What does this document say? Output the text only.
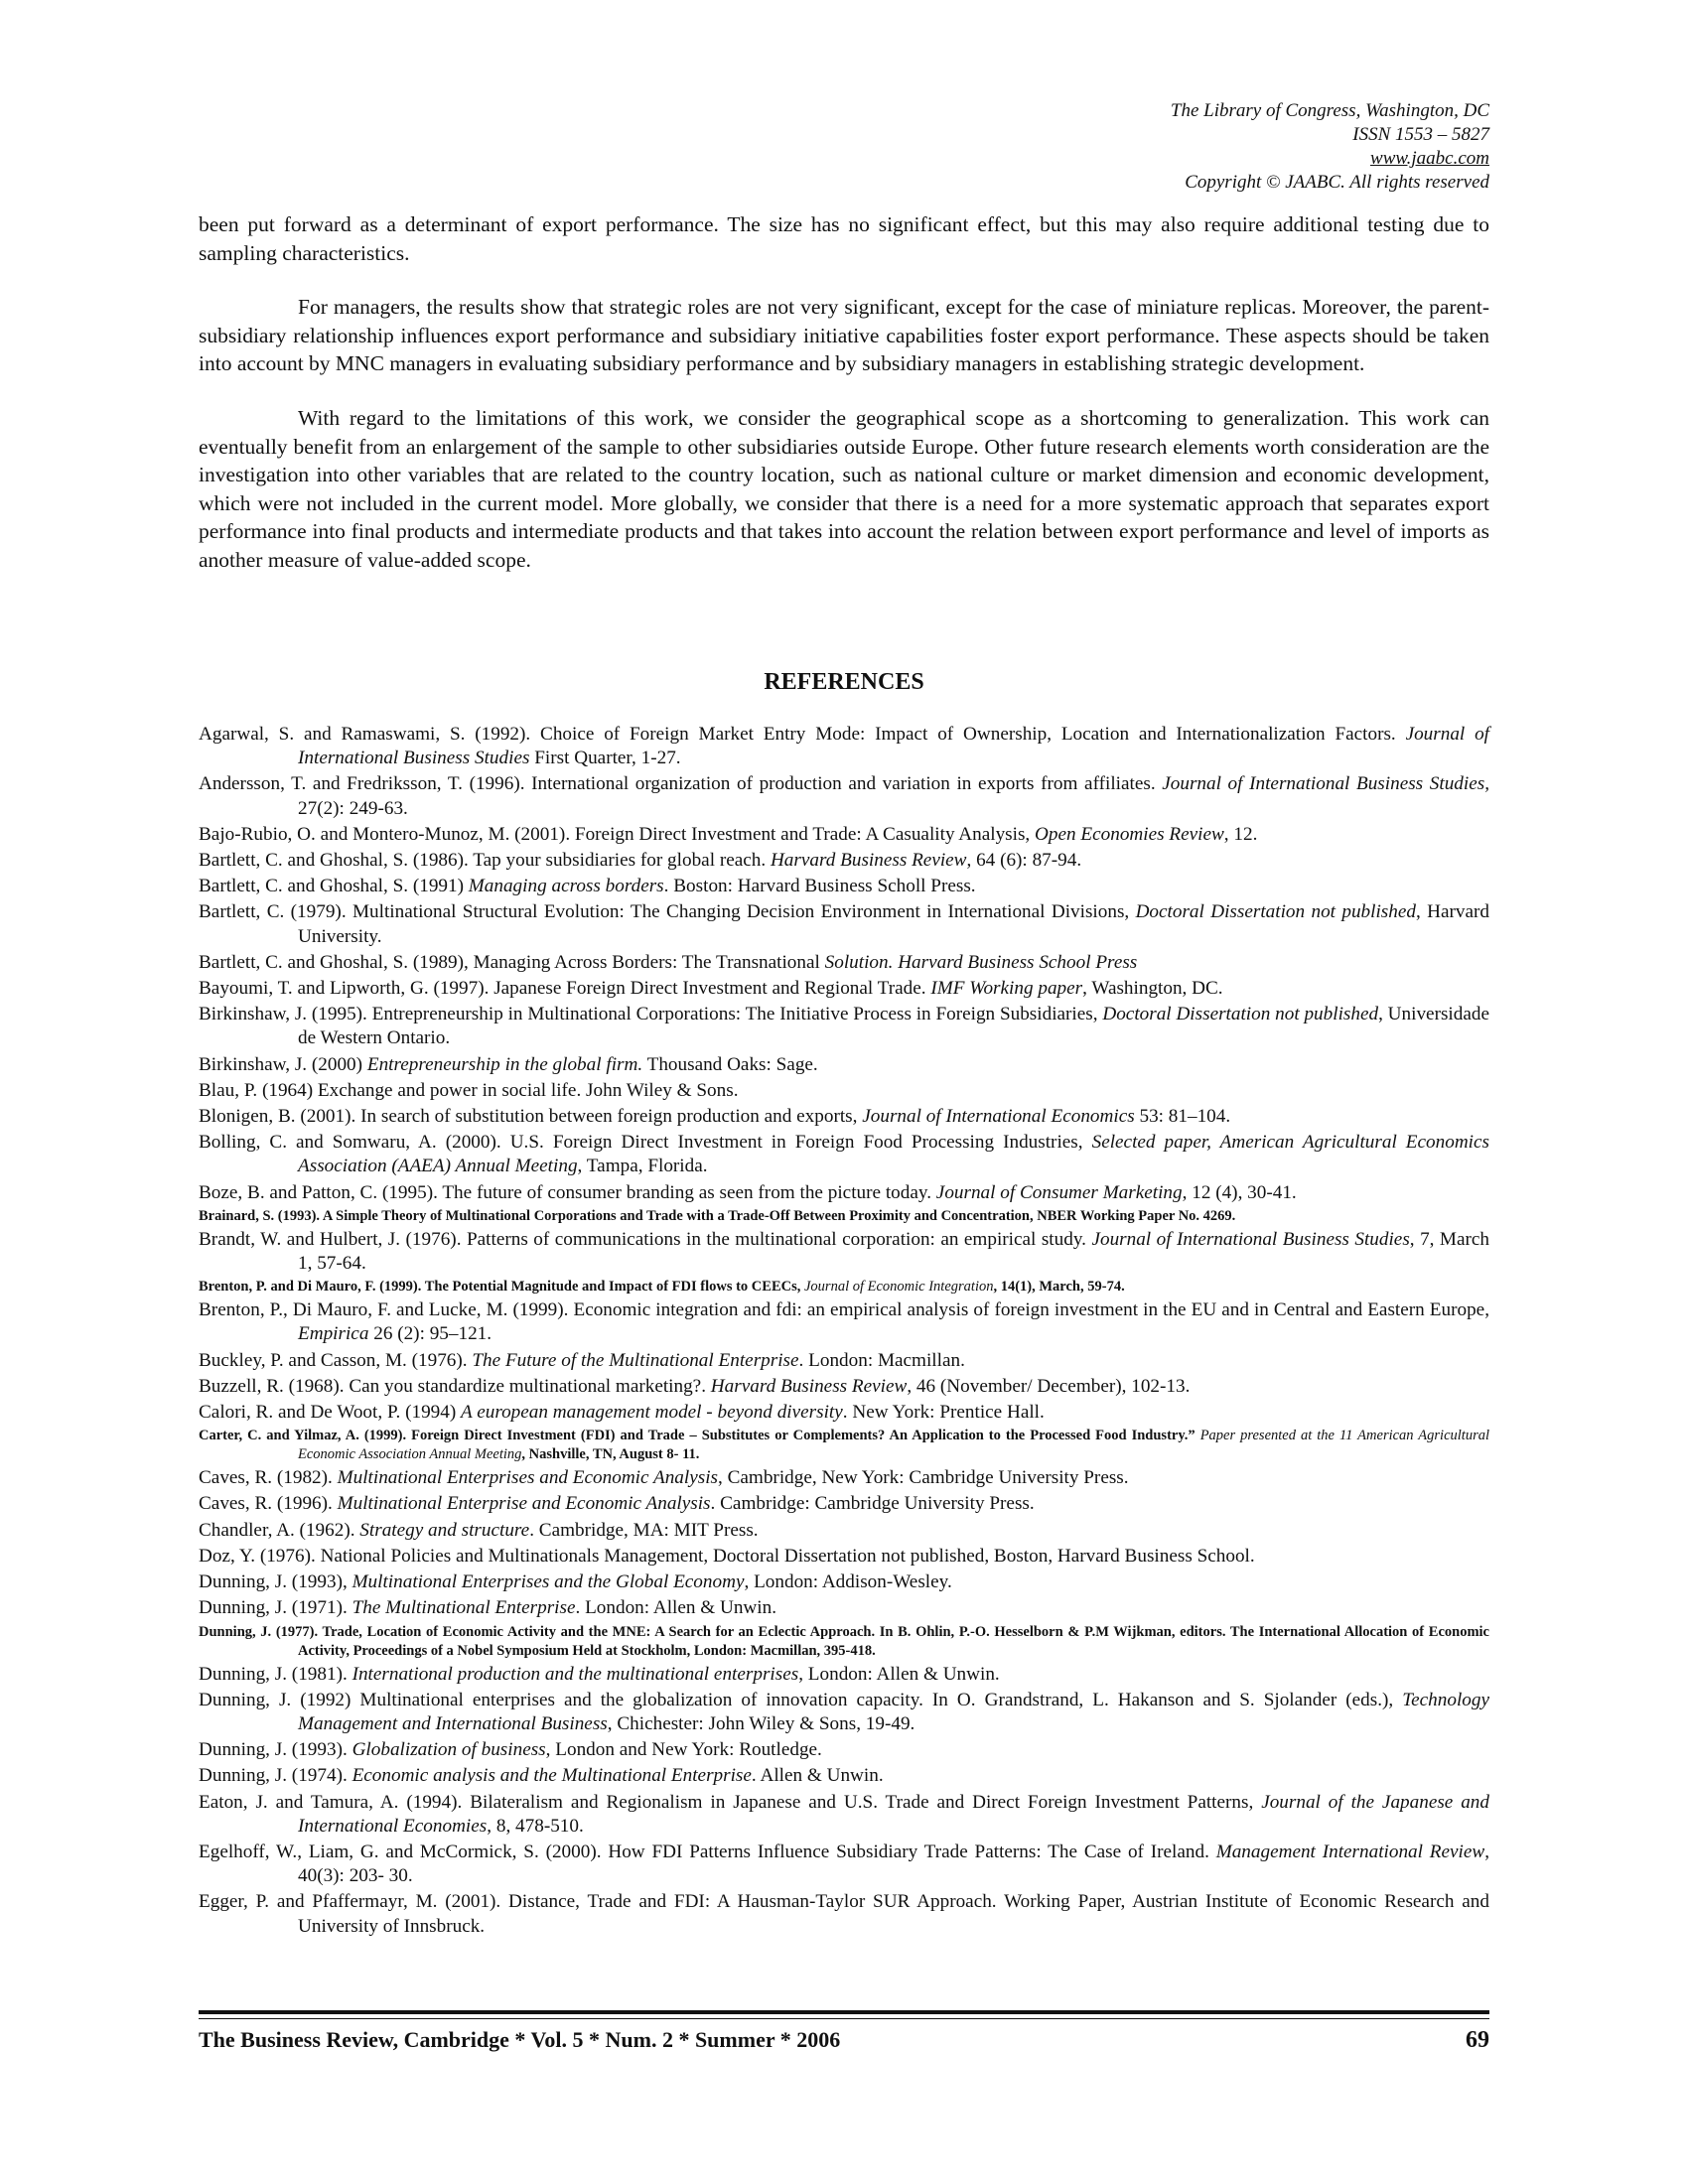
The Library of Congress, Washington, DC
ISSN 1553 – 5827
www.jaabc.com
Copyright © JAABC. All rights reserved

been put forward as a determinant of export performance. The size has no significant effect, but this may also require additional testing due to sampling characteristics.

For managers, the results show that strategic roles are not very significant, except for the case of miniature replicas. Moreover, the parent-subsidiary relationship influences export performance and subsidiary initiative capabilities foster export performance. These aspects should be taken into account by MNC managers in evaluating subsidiary performance and by subsidiary managers in establishing strategic development.

With regard to the limitations of this work, we consider the geographical scope as a shortcoming to generalization. This work can eventually benefit from an enlargement of the sample to other subsidiaries outside Europe. Other future research elements worth consideration are the investigation into other variables that are related to the country location, such as national culture or market dimension and economic development, which were not included in the current model. More globally, we consider that there is a need for a more systematic approach that separates export performance into final products and intermediate products and that takes into account the relation between export performance and level of imports as another measure of value-added scope.

REFERENCES
Agarwal, S. and Ramaswami, S. (1992). Choice of Foreign Market Entry Mode: Impact of Ownership, Location and Internationalization Factors. Journal of International Business Studies First Quarter, 1-27.
Andersson, T. and Fredriksson, T. (1996). International organization of production and variation in exports from affiliates. Journal of International Business Studies, 27(2): 249-63.
Bajo-Rubio, O. and Montero-Munoz, M. (2001). Foreign Direct Investment and Trade: A Casuality Analysis, Open Economies Review, 12.
Bartlett, C. and Ghoshal, S. (1986). Tap your subsidiaries for global reach. Harvard Business Review, 64 (6): 87-94.
Bartlett, C. and Ghoshal, S. (1991) Managing across borders. Boston: Harvard Business Scholl Press.
Bartlett, C. (1979). Multinational Structural Evolution: The Changing Decision Environment in International Divisions, Doctoral Dissertation not published, Harvard University.
Bartlett, C. and Ghoshal, S. (1989), Managing Across Borders: The Transnational Solution. Harvard Business School Press
Bayoumi, T. and Lipworth, G. (1997). Japanese Foreign Direct Investment and Regional Trade. IMF Working paper, Washington, DC.
Birkinshaw, J. (1995). Entrepreneurship in Multinational Corporations: The Initiative Process in Foreign Subsidiaries, Doctoral Dissertation not published, Universidade de Western Ontario.
Birkinshaw, J. (2000) Entrepreneurship in the global firm. Thousand Oaks: Sage.
Blau, P. (1964) Exchange and power in social life. John Wiley & Sons.
Blonigen, B. (2001). In search of substitution between foreign production and exports, Journal of International Economics 53: 81–104.
Bolling, C. and Somwaru, A. (2000). U.S. Foreign Direct Investment in Foreign Food Processing Industries, Selected paper, American Agricultural Economics Association (AAEA) Annual Meeting, Tampa, Florida.
Boze, B. and Patton, C. (1995). The future of consumer branding as seen from the picture today. Journal of Consumer Marketing, 12 (4), 30-41.
Brainard, S. (1993). A Simple Theory of Multinational Corporations and Trade with a Trade-Off Between Proximity and Concentration, NBER Working Paper No. 4269.
Brandt, W. and Hulbert, J. (1976). Patterns of communications in the multinational corporation: an empirical study. Journal of International Business Studies, 7, March 1, 57-64.
Brenton, P. and Di Mauro, F. (1999). The Potential Magnitude and Impact of FDI flows to CEECs, Journal of Economic Integration, 14(1), March, 59-74.
Brenton, P., Di Mauro, F. and Lucke, M. (1999). Economic integration and fdi: an empirical analysis of foreign investment in the EU and in Central and Eastern Europe, Empirica 26 (2): 95–121.
Buckley, P. and Casson, M. (1976). The Future of the Multinational Enterprise. London: Macmillan.
Buzzell, R. (1968). Can you standardize multinational marketing?. Harvard Business Review, 46 (November/ December), 102-13.
Calori, R. and De Woot, P. (1994) A european management model - beyond diversity. New York: Prentice Hall.
Carter, C. and Yilmaz, A. (1999). Foreign Direct Investment (FDI) and Trade – Substitutes or Complements? An Application to the Processed Food Industry.” Paper presented at the 11 American Agricultural Economic Association Annual Meeting, Nashville, TN, August 8- 11.
Caves, R. (1982). Multinational Enterprises and Economic Analysis, Cambridge, New York: Cambridge University Press.
Caves, R. (1996). Multinational Enterprise and Economic Analysis. Cambridge: Cambridge University Press.
Chandler, A. (1962). Strategy and structure. Cambridge, MA: MIT Press.
Doz, Y. (1976). National Policies and Multinationals Management, Doctoral Dissertation not published, Boston, Harvard Business School.
Dunning, J. (1993), Multinational Enterprises and the Global Economy, London: Addison-Wesley.
Dunning, J. (1971). The Multinational Enterprise. London: Allen & Unwin.
Dunning, J. (1977). Trade, Location of Economic Activity and the MNE: A Search for an Eclectic Approach. In B. Ohlin, P.-O. Hesselborn & P.M Wijkman, editors. The International Allocation of Economic Activity, Proceedings of a Nobel Symposium Held at Stockholm, London: Macmillan, 395-418.
Dunning, J. (1981). International production and the multinational enterprises, London: Allen & Unwin.
Dunning, J. (1992) Multinational enterprises and the globalization of innovation capacity. In O. Grandstrand, L. Hakanson and S. Sjolander (eds.), Technology Management and International Business, Chichester: John Wiley & Sons, 19-49.
Dunning, J. (1993). Globalization of business, London and New York: Routledge.
Dunning, J. (1974). Economic analysis and the Multinational Enterprise. Allen & Unwin.
Eaton, J. and Tamura, A. (1994). Bilateralism and Regionalism in Japanese and U.S. Trade and Direct Foreign Investment Patterns, Journal of the Japanese and International Economies, 8, 478-510.
Egelhoff, W., Liam, G. and McCormick, S. (2000). How FDI Patterns Influence Subsidiary Trade Patterns: The Case of Ireland. Management International Review, 40(3): 203- 30.
Egger, P. and Pfaffermayr, M. (2001). Distance, Trade and FDI: A Hausman-Taylor SUR Approach. Working Paper, Austrian Institute of Economic Research and University of Innsbruck.
The Business Review, Cambridge * Vol. 5 * Num. 2 * Summer * 2006	69
